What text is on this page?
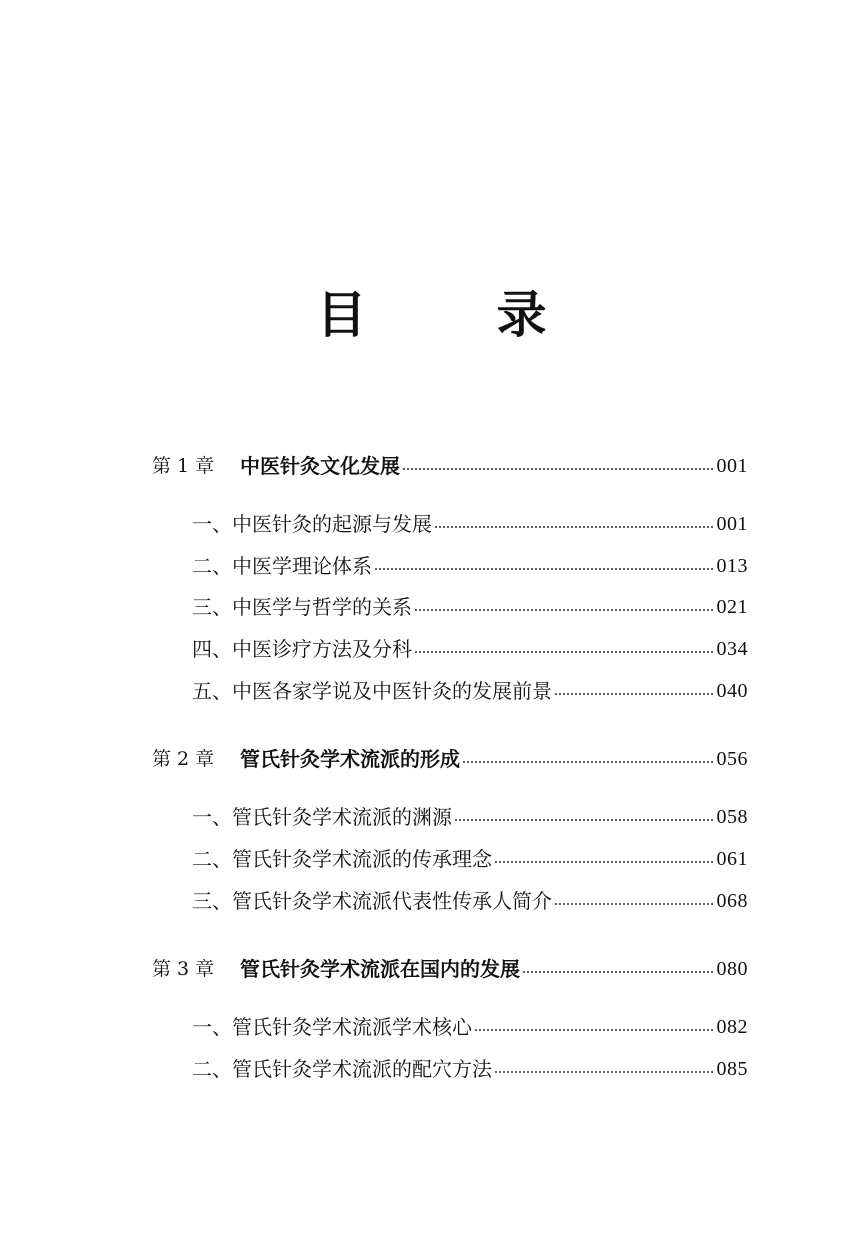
目　录
第 1 章	中医针灸文化发展	001
一、中医针灸的起源与发展	001
二、中医学理论体系	013
三、中医学与哲学的关系	021
四、中医诊疗方法及分科	034
五、中医各家学说及中医针灸的发展前景	040
第 2 章	管氏针灸学术流派的形成	056
一、管氏针灸学术流派的渊源	058
二、管氏针灸学术流派的传承理念	061
三、管氏针灸学术流派代表性传承人简介	068
第 3 章	管氏针灸学术流派在国内的发展	080
一、管氏针灸学术流派学术核心	082
二、管氏针灸学术流派的配穴方法	085
